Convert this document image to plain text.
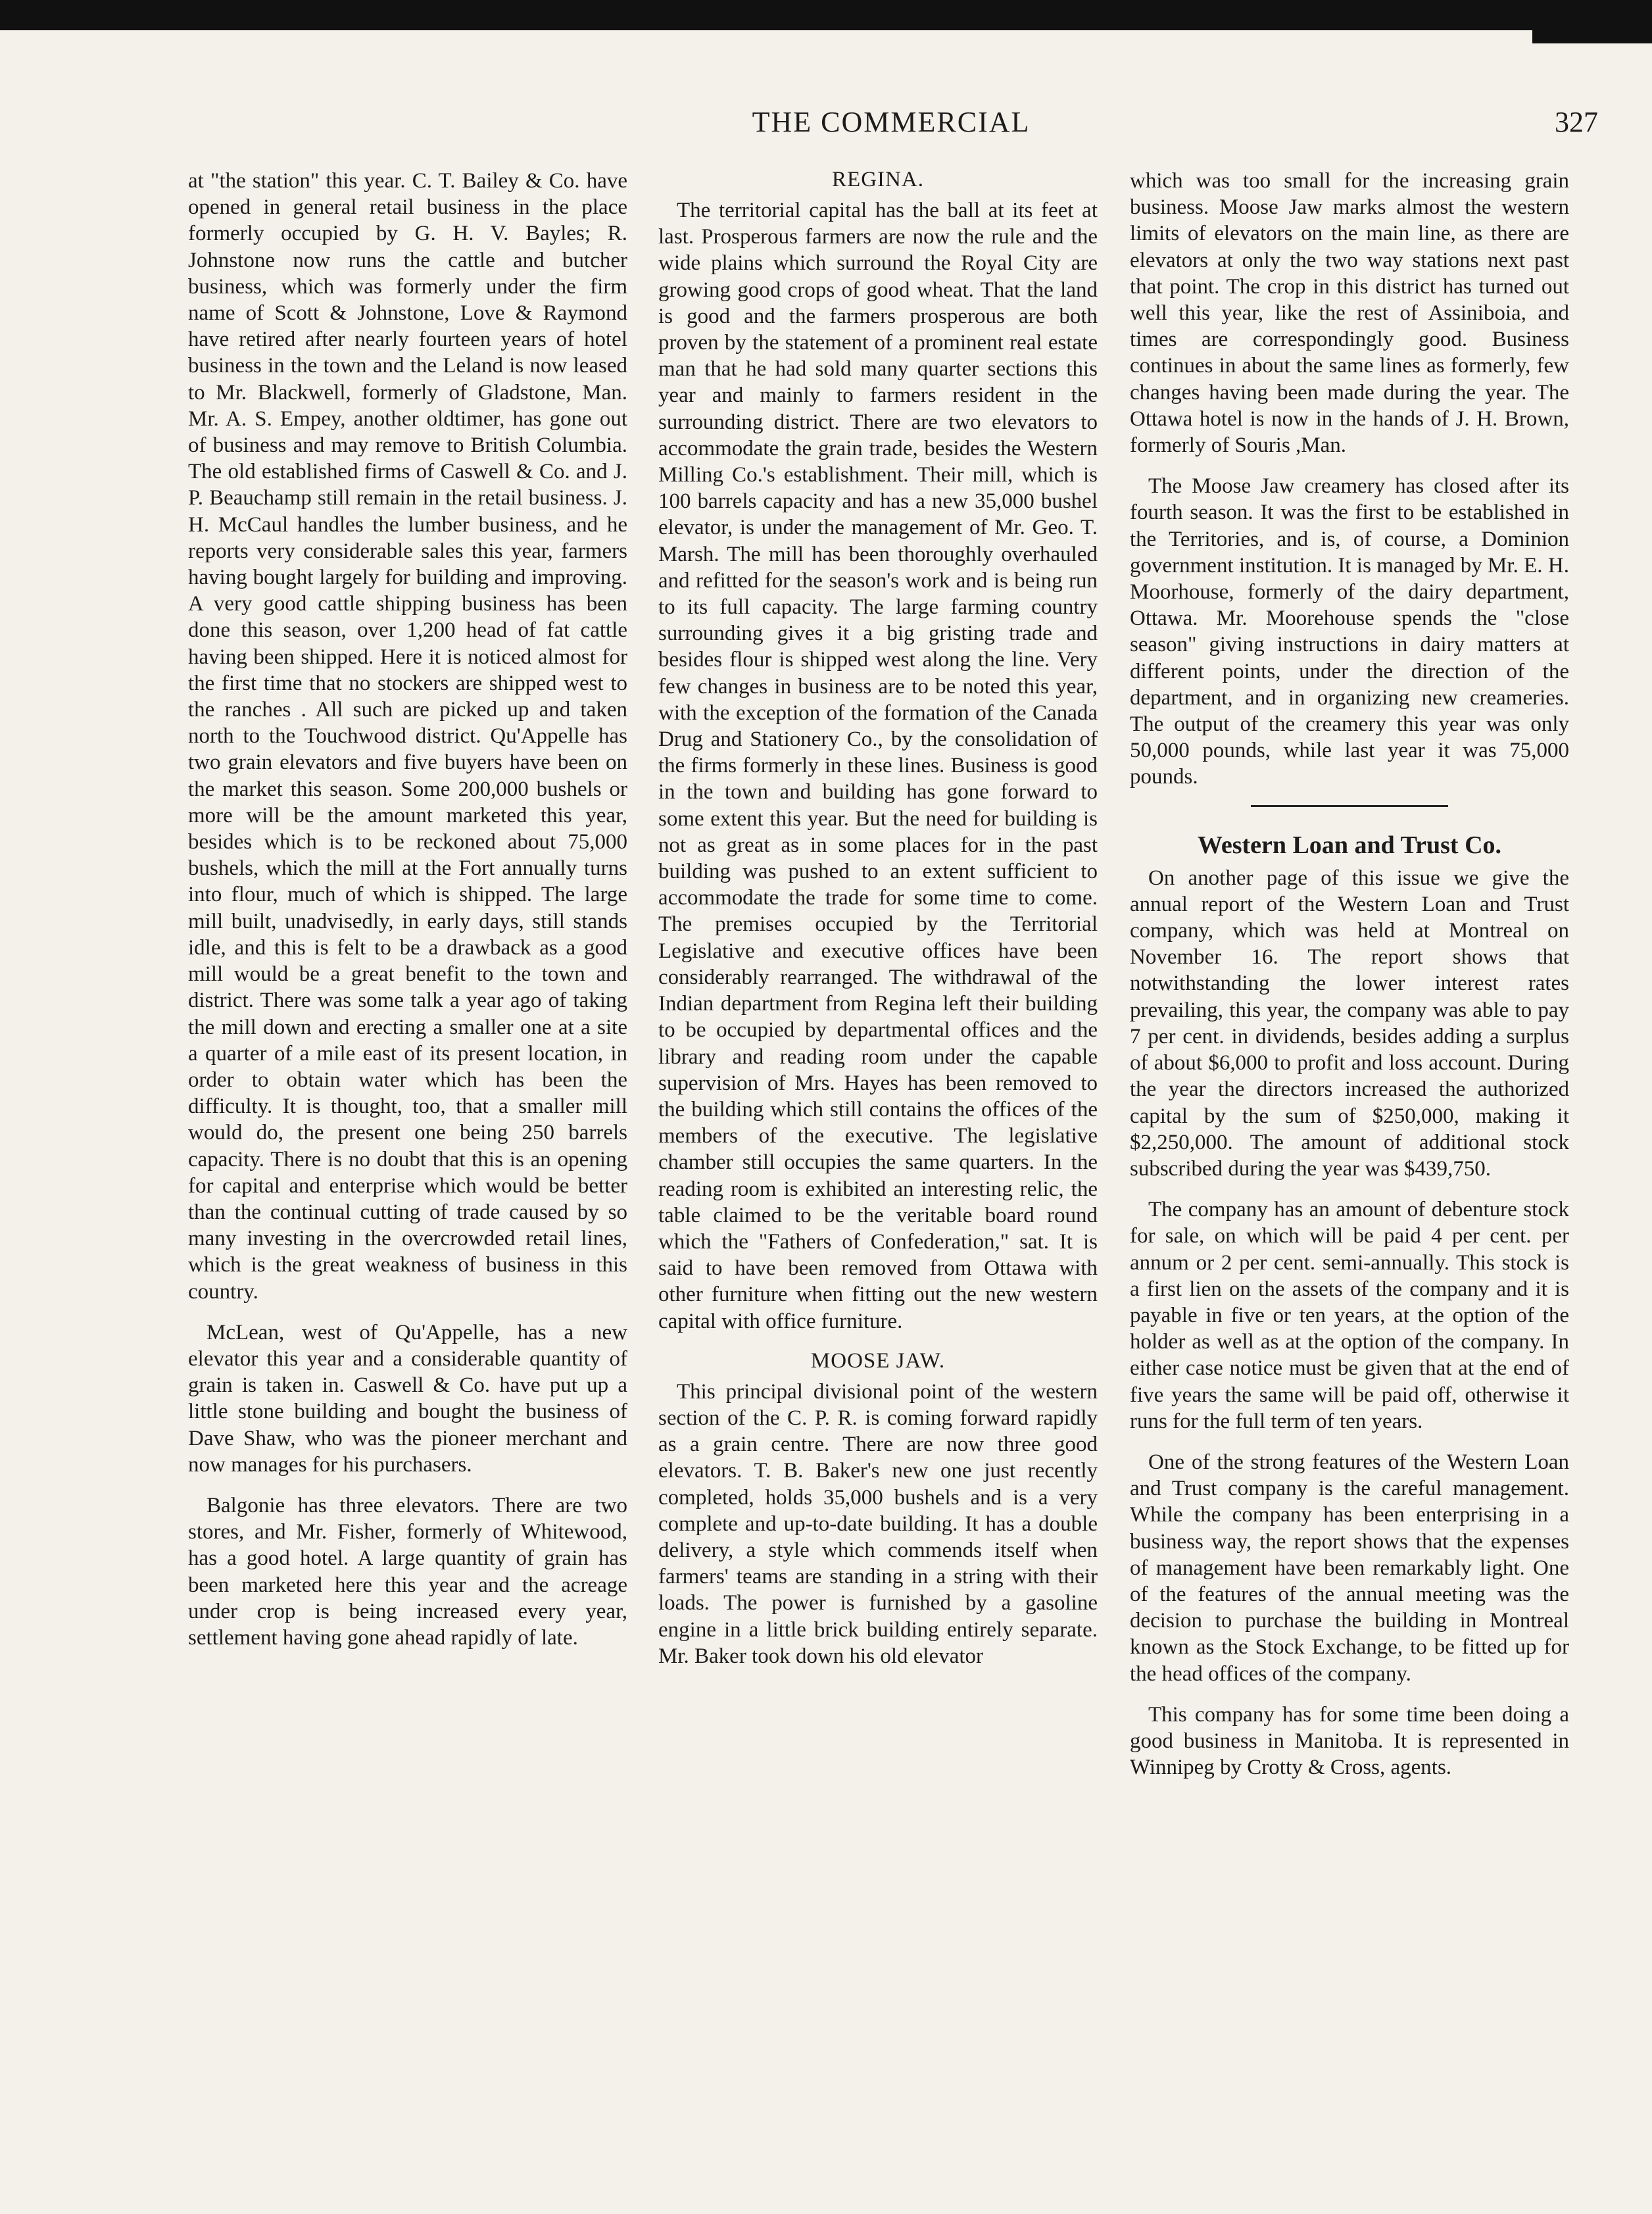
THE COMMERCIAL	327

at "the station" this year. C. T. Bailey & Co. have opened in general retail business in the place formerly occupied by G. H. V. Bayles; R. Johnstone now runs the cattle and butcher business, which was formerly under the firm name of Scott & Johnstone, Love & Raymond have retired after nearly fourteen years of hotel business in the town and the Leland is now leased to Mr. Blackwell, formerly of Gladstone, Man. Mr. A. S. Empey, another oldtimer, has gone out of business and may remove to British Columbia. The old established firms of Caswell & Co. and J. P. Beauchamp still remain in the retail business. J. H. McCaul handles the lumber business, and he reports very considerable sales this year, farmers having bought largely for building and improving. A very good cattle shipping business has been done this season, over 1,200 head of fat cattle having been shipped. Here it is noticed almost for the first time that no stockers are shipped west to the ranches . All such are picked up and taken north to the Touchwood district. Qu'Appelle has two grain elevators and five buyers have been on the market this season. Some 200,000 bushels or more will be the amount marketed this year, besides which is to be reckoned about 75,000 bushels, which the mill at the Fort annually turns into flour, much of which is shipped. The large mill built, unadvisedly, in early days, still stands idle, and this is felt to be a drawback as a good mill would be a great benefit to the town and district. There was some talk a year ago of taking the mill down and erecting a smaller one at a site a quarter of a mile east of its present location, in order to obtain water which has been the difficulty. It is thought, too, that a smaller mill would do, the present one being 250 barrels capacity. There is no doubt that this is an opening for capital and enterprise which would be better than the continual cutting of trade caused by so many investing in the overcrowded retail lines, which is the great weakness of business in this country.

McLean, west of Qu'Appelle, has a new elevator this year and a considerable quantity of grain is taken in. Caswell & Co. have put up a little stone building and bought the business of Dave Shaw, who was the pioneer merchant and now manages for his purchasers.

Balgonie has three elevators. There are two stores, and Mr. Fisher, formerly of Whitewood, has a good hotel. A large quantity of grain has been marketed here this year and the acreage under crop is being increased every year, settlement having gone ahead rapidly of late.

REGINA.

The territorial capital has the ball at its feet at last. Prosperous farmers are now the rule and the wide plains which surround the Royal City are growing good crops of good wheat. That the land is good and the farmers prosperous are both proven by the statement of a prominent real estate man that he had sold many quarter sections this year and mainly to farmers resident in the surrounding district. There are two elevators to accommodate the grain trade, besides the Western Milling Co.'s establishment. Their mill, which is 100 barrels capacity and has a new 35,000 bushel elevator, is under the management of Mr. Geo. T. Marsh. The mill has been thoroughly overhauled and refitted for the season's work and is being run to its full capacity. The large farming country surrounding gives it a big gristing trade and besides flour is shipped west along the line. Very few changes in business are to be noted this year, with the exception of the formation of the Canada Drug and Stationery Co., by the consolidation of the firms formerly in these lines. Business is good in the town and building has gone forward to some extent this year. But the need for building is not as great as in some places for in the past building was pushed to an extent sufficient to accommodate the trade for some time to come. The premises occupied by the Territorial Legislative and executive offices have been considerably rearranged. The withdrawal of the Indian department from Regina left their building to be occupied by departmental offices and the library and reading room under the capable supervision of Mrs. Hayes has been removed to the building which still contains the offices of the members of the executive. The legislative chamber still occupies the same quarters. In the reading room is exhibited an interesting relic, the table claimed to be the veritable board round which the "Fathers of Confederation," sat. It is said to have been removed from Ottawa with other furniture when fitting out the new western capital with office furniture.

MOOSE JAW.

This principal divisional point of the western section of the C. P. R. is coming forward rapidly as a grain centre. There are now three good elevators. T. B. Baker's new one just recently completed, holds 35,000 bushels and is a very complete and up-to-date building. It has a double delivery, a style which commends itself when farmers' teams are standing in a string with their loads. The power is furnished by a gasoline engine in a little brick building entirely separate. Mr. Baker took down his old elevator

which was too small for the increasing grain business. Moose Jaw marks almost the western limits of elevators on the main line, as there are elevators at only the two way stations next past that point. The crop in this district has turned out well this year, like the rest of Assiniboia, and times are correspondingly good. Business continues in about the same lines as formerly, few changes having been made during the year. The Ottawa hotel is now in the hands of J. H. Brown, formerly of Souris ,Man.

The Moose Jaw creamery has closed after its fourth season. It was the first to be established in the Territories, and is, of course, a Dominion government institution. It is managed by Mr. E. H. Moorhouse, formerly of the dairy department, Ottawa. Mr. Moorehouse spends the "close season" giving instructions in dairy matters at different points, under the direction of the department, and in organizing new creameries. The output of the creamery this year was only 50,000 pounds, while last year it was 75,000 pounds.

Western Loan and Trust Co.

On another page of this issue we give the annual report of the Western Loan and Trust company, which was held at Montreal on November 16. The report shows that notwithstanding the lower interest rates prevailing, this year, the company was able to pay 7 per cent. in dividends, besides adding a surplus of about $6,000 to profit and loss account. During the year the directors increased the authorized capital by the sum of $250,000, making it $2,250,000. The amount of additional stock subscribed during the year was $439,750.

The company has an amount of debenture stock for sale, on which will be paid 4 per cent. per annum or 2 per cent. semi-annually. This stock is a first lien on the assets of the company and it is payable in five or ten years, at the option of the holder as well as at the option of the company. In either case notice must be given that at the end of five years the same will be paid off, otherwise it runs for the full term of ten years.

One of the strong features of the Western Loan and Trust company is the careful management. While the company has been enterprising in a business way, the report shows that the expenses of management have been remarkably light. One of the features of the annual meeting was the decision to purchase the building in Montreal known as the Stock Exchange, to be fitted up for the head offices of the company.

This company has for some time been doing a good business in Manitoba. It is represented in Winnipeg by Crotty & Cross, agents.
